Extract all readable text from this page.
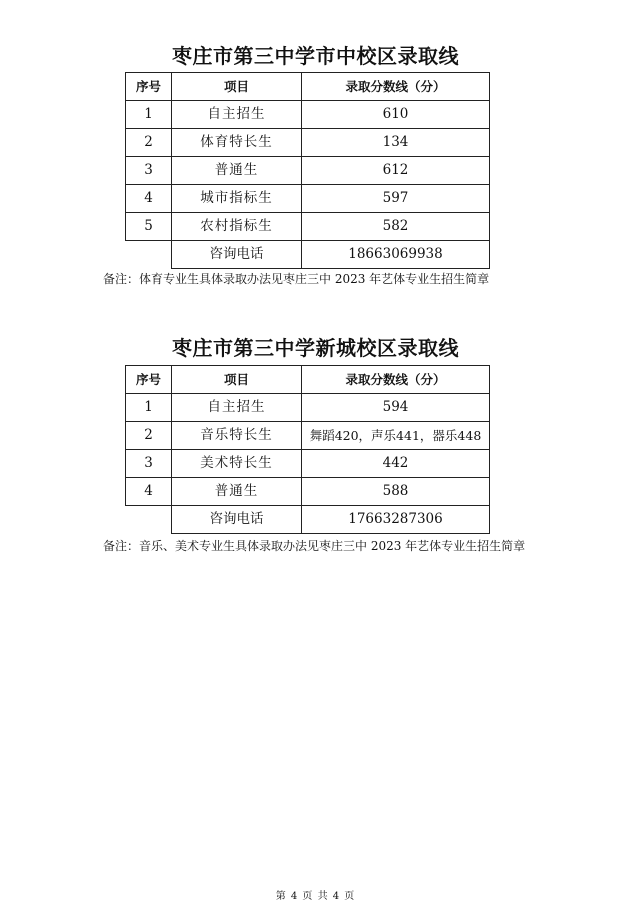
枣庄市第三中学市中校区录取线
序号	项目	录取分数线（分）
1	自主招生	610
2	体育特长生	134
3	普通生	612
4	城市指标生	597
5	农村指标生	582
	咨询电话	18663069938
备注：体育专业生具体录取办法见枣庄三中 2023 年艺体专业生招生简章
枣庄市第三中学新城校区录取线
序号	项目	录取分数线（分）
1	自主招生	594
2	音乐特长生	舞蹈420，声乐441，器乐448
3	美术特长生	442
4	普通生	588
	咨询电话	17663287306
备注：音乐、美术专业生具体录取办法见枣庄三中 2023 年艺体专业生招生简章
第 4 页 共 4 页
